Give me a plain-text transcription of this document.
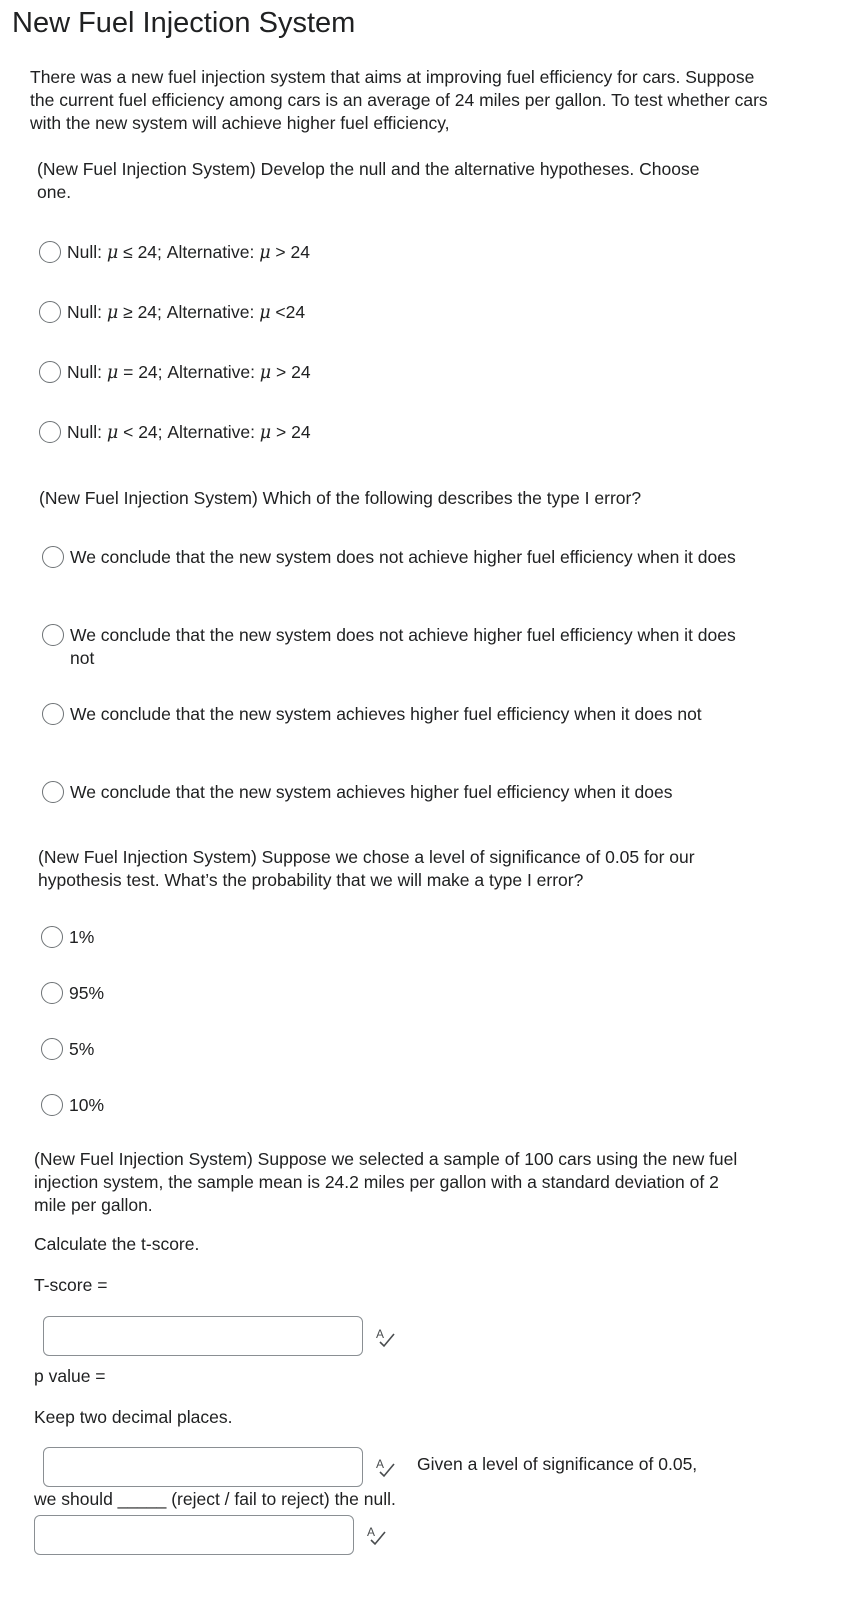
New Fuel Injection System
There was a new fuel injection system that aims at improving fuel efficiency for cars. Suppose the current fuel efficiency among cars is an average of 24 miles per gallon. To test whether cars with the new system will achieve higher fuel efficiency,
(New Fuel Injection System) Develop the null and the alternative hypotheses. Choose one.
Null: μ ≤ 24; Alternative: μ > 24
Null: μ ≥ 24; Alternative: μ <24
Null: μ = 24; Alternative: μ > 24
Null: μ < 24; Alternative: μ > 24
(New Fuel Injection System) Which of the following describes the type I error?
We conclude that the new system does not achieve higher fuel efficiency when it does
We conclude that the new system does not achieve higher fuel efficiency when it does not
We conclude that the new system achieves higher fuel efficiency when it does not
We conclude that the new system achieves higher fuel efficiency when it does
(New Fuel Injection System) Suppose we chose a level of significance of 0.05 for our hypothesis test. What’s the probability that we will make a type I error?
1%
95%
5%
10%
(New Fuel Injection System) Suppose we selected a sample of 100 cars using the new fuel injection system, the sample mean is 24.2 miles per gallon with a standard deviation of 2 mile per gallon.
Calculate the t-score.
T-score =
A
p value =
Keep two decimal places.
A Given a level of significance of 0.05,
we should _____ (reject / fail to reject) the null.
A
